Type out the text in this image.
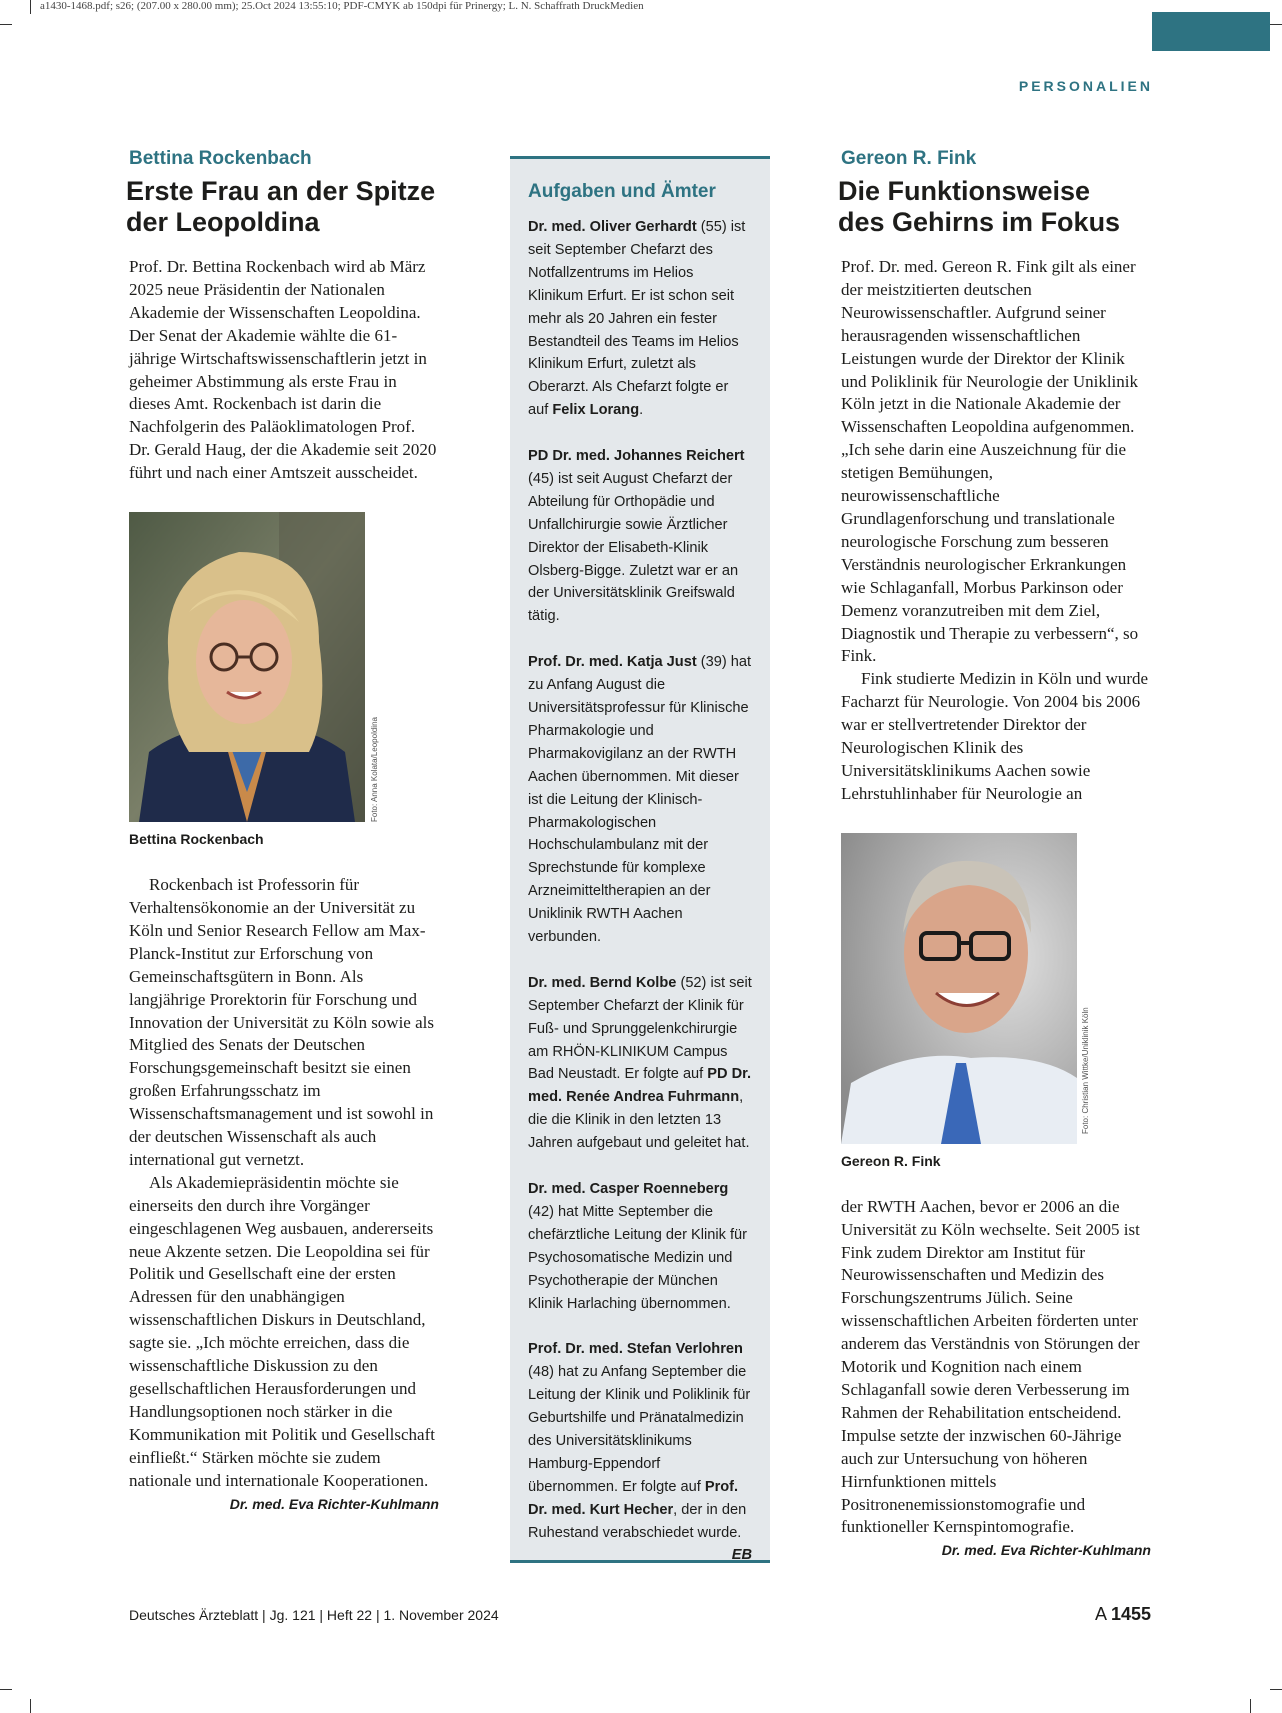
a1430-1468.pdf; s26; (207.00 x 280.00 mm); 25.Oct 2024 13:55:10; PDF-CMYK ab 150dpi für Prinergy; L. N. Schaffrath DruckMedien
PERSONALIEN
Bettina Rockenbach
Erste Frau an der Spitze
der Leopoldina

Prof. Dr. Bettina Rockenbach wird ab März 2025 neue Präsidentin der Nationalen Akademie der Wissenschaften Leopoldina. Der Senat der Akademie wählte die 61-jährige Wirtschaftswissenschaftlerin jetzt in geheimer Abstimmung als erste Frau in dieses Amt. Rockenbach ist darin die Nachfolgerin des Paläoklimatologen Prof. Dr. Gerald Haug, der die Akademie seit 2020 führt und nach einer Amtszeit ausscheidet.

Foto: Anna Kolata/Leopoldina
Bettina Rockenbach

Rockenbach ist Professorin für Verhaltensökonomie an der Universität zu Köln und Senior Research Fellow am Max-Planck-Institut zur Erforschung von Gemeinschaftsgütern in Bonn. Als langjährige Prorektorin für Forschung und Innovation der Universität zu Köln sowie als Mitglied des Senats der Deutschen Forschungsgemeinschaft besitzt sie einen großen Erfahrungsschatz im Wissenschaftsmanagement und ist sowohl in der deutschen Wissenschaft als auch international gut vernetzt.

Als Akademiepräsidentin möchte sie einerseits den durch ihre Vorgänger eingeschlagenen Weg ausbauen, andererseits neue Akzente setzen. Die Leopoldina sei für Politik und Gesellschaft eine der ersten Adressen für den unabhängigen wissenschaftlichen Diskurs in Deutschland, sagte sie. „Ich möchte erreichen, dass die wissenschaftliche Diskussion zu den gesellschaftlichen Herausforderungen und Handlungsoptionen noch stärker in die Kommunikation mit Politik und Gesellschaft einfließt.“ Stärken möchte sie zudem nationale und internationale Kooperationen.
Dr. med. Eva Richter-Kuhlmann

Aufgaben und Ämter

Dr. med. Oliver Gerhardt (55) ist seit September Chefarzt des Notfallzentrums im Helios Klinikum Erfurt. Er ist schon seit mehr als 20 Jahren ein fester Bestandteil des Teams im Helios Klinikum Erfurt, zuletzt als Oberarzt. Als Chefarzt folgte er auf Felix Lorang.

PD Dr. med. Johannes Reichert (45) ist seit August Chefarzt der Abteilung für Orthopädie und Unfallchirurgie sowie Ärztlicher Direktor der Elisabeth-Klinik Olsberg-Bigge. Zuletzt war er an der Universitätsklinik Greifswald tätig.

Prof. Dr. med. Katja Just (39) hat zu Anfang August die Universitätsprofessur für Klinische Pharmakologie und Pharmakovigilanz an der RWTH Aachen übernommen. Mit dieser ist die Leitung der Klinisch-Pharmakologischen Hochschulambulanz mit der Sprechstunde für komplexe Arzneimitteltherapien an der Uniklinik RWTH Aachen verbunden.

Dr. med. Bernd Kolbe (52) ist seit September Chefarzt der Klinik für Fuß- und Sprunggelenkchirurgie am RHÖN-KLINIKUM Campus Bad Neustadt. Er folgte auf PD Dr. med. Renée Andrea Fuhrmann, die die Klinik in den letzten 13 Jahren aufgebaut und geleitet hat.

Dr. med. Casper Roenneberg (42) hat Mitte September die chefärztliche Leitung der Klinik für Psychosomatische Medizin und Psychotherapie der München Klinik Harlaching übernommen.

Prof. Dr. med. Stefan Verlohren (48) hat zu Anfang September die Leitung der Klinik und Poliklinik für Geburtshilfe und Pränatalmedizin des Universitätsklinikums Hamburg-Eppendorf übernommen. Er folgte auf Prof. Dr. med. Kurt Hecher, der in den Ruhestand verabschiedet wurde.
EB

Gereon R. Fink
Die Funktionsweise
des Gehirns im Fokus

Prof. Dr. med. Gereon R. Fink gilt als einer der meistzitierten deutschen Neurowissenschaftler. Aufgrund seiner herausragenden wissenschaftlichen Leistungen wurde der Direktor der Klinik und Poliklinik für Neurologie der Uniklinik Köln jetzt in die Nationale Akademie der Wissenschaften Leopoldina aufgenommen. „Ich sehe darin eine Auszeichnung für die stetigen Bemühungen, neurowissenschaftliche Grundlagenforschung und translationale neurologische Forschung zum besseren Verständnis neurologischer Erkrankungen wie Schlaganfall, Morbus Parkinson oder Demenz voranzutreiben mit dem Ziel, Diagnostik und Therapie zu verbessern“, so Fink.

Fink studierte Medizin in Köln und wurde Facharzt für Neurologie. Von 2004 bis 2006 war er stellvertretender Direktor der Neurologischen Klinik des Universitätsklinikums Aachen sowie Lehrstuhlinhaber für Neurologie an

Foto: Christian Wittke/Uniklinik Köln
Gereon R. Fink

der RWTH Aachen, bevor er 2006 an die Universität zu Köln wechselte. Seit 2005 ist Fink zudem Direktor am Institut für Neurowissenschaften und Medizin des Forschungszentrums Jülich. Seine wissenschaftlichen Arbeiten förderten unter anderem das Verständnis von Störungen der Motorik und Kognition nach einem Schlaganfall sowie deren Verbesserung im Rahmen der Rehabilitation entscheidend. Impulse setzte der inzwischen 60-Jährige auch zur Untersuchung von höheren Hirnfunktionen mittels Positronenemissionstomografie und funktioneller Kernspintomografie.

Dr. med. Eva Richter-Kuhlmann

Deutsches Ärzteblatt | Jg. 121 | Heft 22 | 1. November 2024	A 1455
